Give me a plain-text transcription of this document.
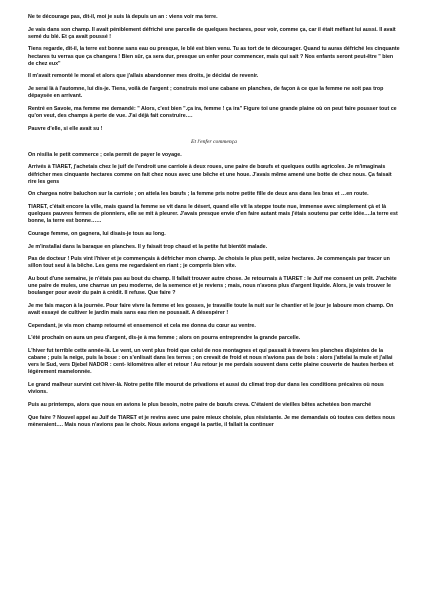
Ne te décourage pas, dit-il, moi je suis là depuis un an : viens voir ma terre.

Je vais dans son champ. Il avait péniblement défriché une parcelle de quelques hectares, pour voir, comme ça, car il était méfiant lui aussi. Il avait semé du blé. Et ça avait poussé !

Tiens regarde, dit-il, la terre est bonne sans eau ou presque, le blé est bien venu. Tu as tort de te décourager. Quand tu auras défriché les cinquante hectares tu verras que ça changera ! Bien sûr, ça sera dur, presque un enfer pour commencer, mais qui sait ? Nos enfants seront peut-être " bien de chez eux"

Il m'avait remonté le moral et alors que j'allais abandonner mes droits, je décidai de revenir.

Je serai là à l'automne, lui dis-je. Tiens, voilà de l'argent ; construis moi une cabane en planches, de façon à ce que la femme ne soit pas trop dépaysée en arrivant.

Rentré en Savoie, ma femme me demandé: " Alors, c'est bien ".ça ira, femme ! ça ira" Figure toi une grande plaine où on peut faire pousser tout ce qu'on veut, des champs à perte de vue. J'ai déjà fait construire….

Pauvre d'elle, si elle avait su !

Et l'enfer commença

On résilia le petit commerce ; cela permit de payer le voyage.

Arrivés à TIARET, j'achetais chez le juif de l'endroit une carriole à deux roues, une paire de bœufs et quelques outils agricoles. Je m'imaginais défricher mes cinquante hectares comme on fait chez nous avec une bêche et une houe. J'avais même amené une botte de chez nous. Ça faisait rire les gens

On chargea notre baluchon sur la carriole ; on attela les bœufs ; la femme pris notre petite fille de deux ans dans les bras et …en route.

TIARET, c'était encore la ville, mais quand la femme se vit dans le désert, quand elle vit la steppe toute nue, immense avec simplement çà et là quelques pauvres fermes de pionniers, elle se mit à pleurer. J'avais presque envie d'en faire autant mais j'étais soutenu par cette idée….la terre est bonne, la terre est bonne……

Courage femme, on gagnera, lui disais-je tous au long.

Je m'installai dans la baraque en planches. Il y faisait trop chaud et la petite fut bientôt malade.

Pas de docteur ! Puis vint l'hiver et je commençais à défricher mon champ. Je choisis le plus petit, seize hectares. Je commençais par tracer un sillon tout seul à la bêche. Les gens me regardaient en riant ; je comprris bien vite.

Au bout d'une semaine, je n'étais pas au bout du champ. Il fallait trouver autre chose. Je retournais à TIARET : le Juif me consent un prêt. J'achète une paire de mules, une charrue un peu moderne, de la semence et je reviens ; mais, nous n'avons plus d'argent liquide. Alors, je vais trouver le boulanger pour avoir du pain à crédit. Il refuse. Que faire ?

Je me fais maçon à la journée. Pour faire vivre la femme et les gosses, je travaille toute la nuit sur le chantier et le jour je laboure mon champ. On avait essayé de cultiver le jardin mais sans eau rien ne poussait. A désespérer !

Cependant, je vis mon champ retourné et ensemencé et cela me donna du cœur au ventre.

L'été prochain on aura un peu d'argent, dis-je à ma femme ; alors on pourra entreprendre la grande parcelle.

L'hiver fut terrible cette année-là. Le vent, un vent plus froid que celui de nos montagnes et qui passait à travers les planches disjointes de la cabane ; puis la neige, puis la boue : on s'enlisait dans les terres ; on crevait de froid et nous n'avions pas de bois : alors j'attelai la mule et j'allai vers le Sud, vers Djebel NADOR : cent- kilomètres aller et retour ! Au retour je me perdais souvent dans cette plaine couverte de hautes herbes et légèrement mamelonnée.

Le grand malheur survint cet hiver-là. Notre petite fille mourut de privations et aussi du climat trop dur dans les conditions précaires où nous vivions.

Puis au printemps, alors que nous en avions le plus besoin, notre paire de bœufs creva. C'étaient de vieilles bêtes achetées bon marché

Que faire ? Nouvel appel au Juif de TIARET et je revins avec une paire mieux choisie, plus résistante. Je me demandais où toutes ces dettes nous mèneraient…. Mais nous n'avions pas le choix. Nous avions engagé la partie, il fallait la continuer
